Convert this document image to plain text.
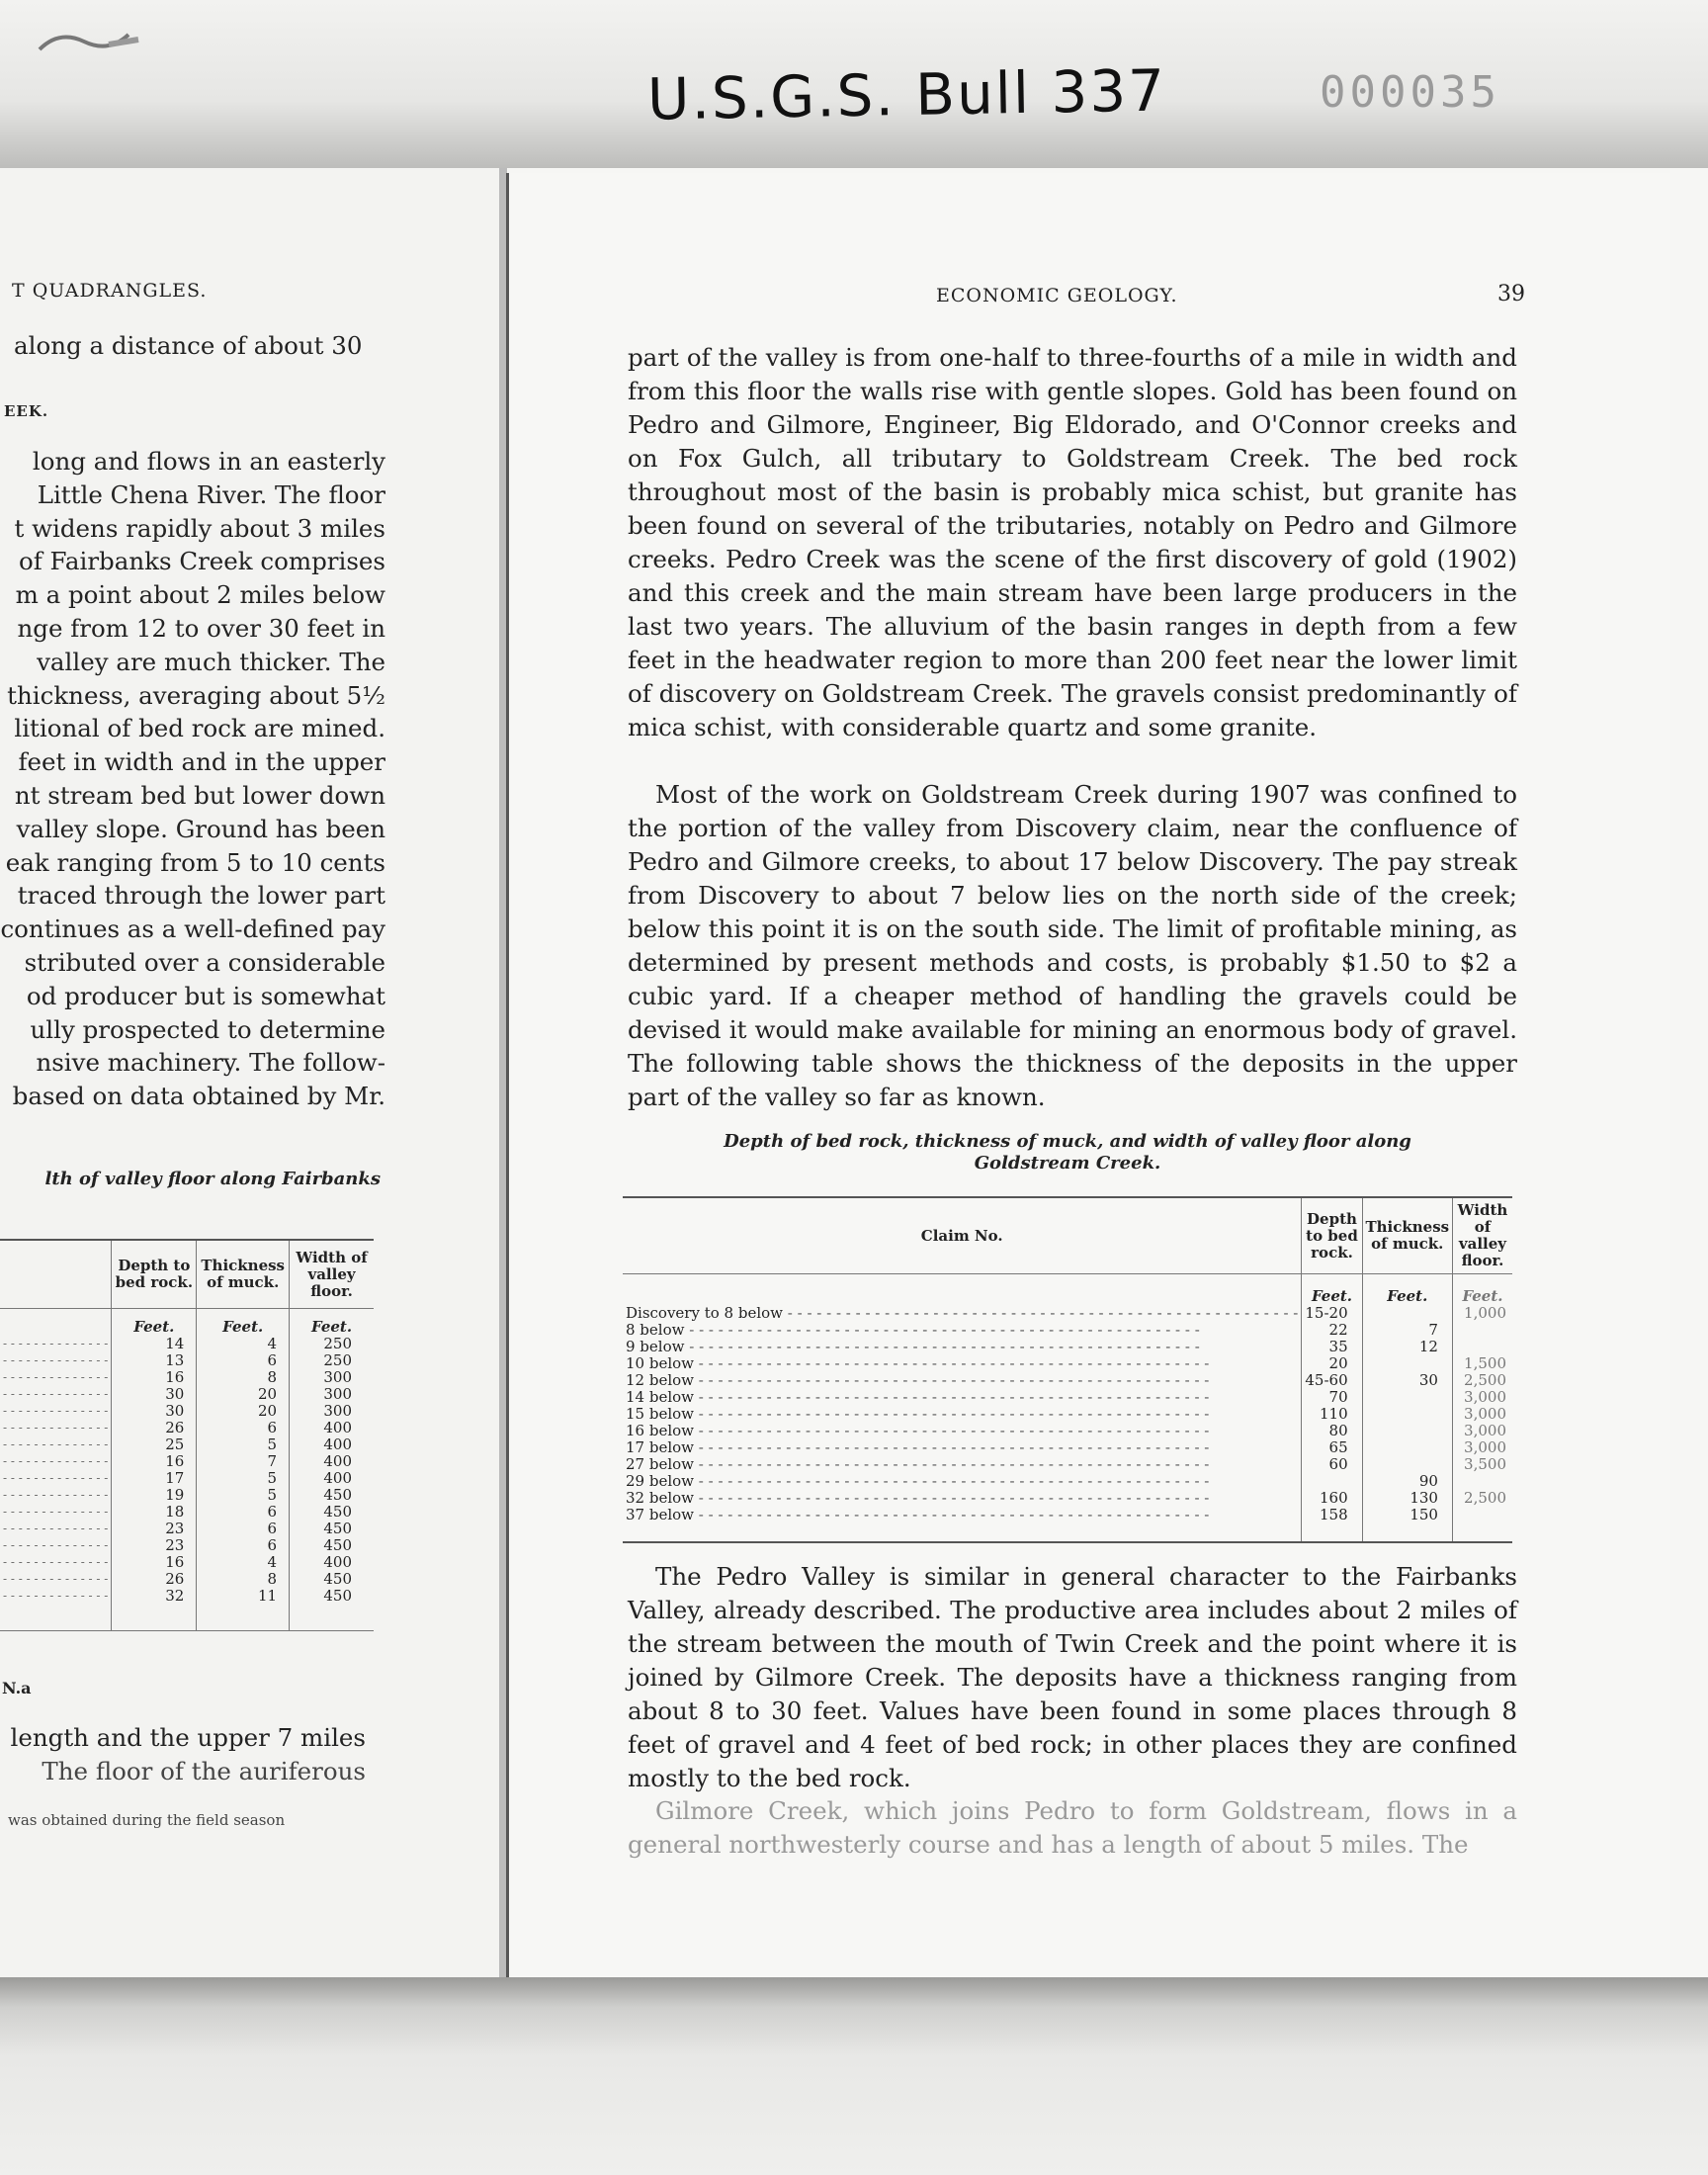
U.S.G.S. Bull 337	000035
T QUADRANGLES.
along a distance of about 30
EEK.
long and flows in an easterly
Little Chena River. The floor
t widens rapidly about 3 miles
of Fairbanks Creek comprises
m a point about 2 miles below
nge from 12 to over 30 feet in
valley are much thicker. The
thickness, averaging about 5½
litional of bed rock are mined.
feet in width and in the upper
nt stream bed but lower down
valley slope. Ground has been
eak ranging from 5 to 10 cents
traced through the lower part
continues as a well-defined pay
stributed over a considerable
od producer but is somewhat
ully prospected to determine
nsive machinery. The follow-
based on data obtained by Mr.
lth of valley floor along Fairbanks
	Depth to bed rock.	Thickness of muck.	Width of valley floor.
	Feet.	Feet.	Feet.
- - - - - - - - - - - - - -	14	4	250
- - - - - - - - - - - - - -	13	6	250
- - - - - - - - - - - - - -	16	8	300
- - - - - - - - - - - - - -	30	20	300
- - - - - - - - - - - - - -	30	20	300
- - - - - - - - - - - - - -	26	6	400
- - - - - - - - - - - - - -	25	5	400
- - - - - - - - - - - - - -	16	7	400
- - - - - - - - - - - - - -	17	5	400
- - - - - - - - - - - - - -	19	5	450
- - - - - - - - - - - - - -	18	6	450
- - - - - - - - - - - - - -	23	6	450
- - - - - - - - - - - - - -	23	6	450
- - - - - - - - - - - - - -	16	4	400
- - - - - - - - - - - - - -	26	8	450
- - - - - - - - - - - - - -	32	11	450

N.a
length and the upper 7 miles
The floor of the auriferous
was obtained during the field season
ECONOMIC GEOLOGY.	39

part of the valley is from one-half to three-fourths of a mile in width and from this floor the walls rise with gentle slopes. Gold has been found on Pedro and Gilmore, Engineer, Big Eldorado, and O'Connor creeks and on Fox Gulch, all tributary to Goldstream Creek. The bed rock throughout most of the basin is probably mica schist, but granite has been found on several of the tributaries, notably on Pedro and Gilmore creeks. Pedro Creek was the scene of the first discovery of gold (1902) and this creek and the main stream have been large producers in the last two years. The alluvium of the basin ranges in depth from a few feet in the headwater region to more than 200 feet near the lower limit of discovery on Goldstream Creek. The gravels consist predominantly of mica schist, with considerable quartz and some granite.

Most of the work on Goldstream Creek during 1907 was confined to the portion of the valley from Discovery claim, near the confluence of Pedro and Gilmore creeks, to about 17 below Discovery. The pay streak from Discovery to about 7 below lies on the north side of the creek; below this point it is on the south side. The limit of profitable mining, as determined by present methods and costs, is probably $1.50 to $2 a cubic yard. If a cheaper method of handling the gravels could be devised it would make available for mining an enormous body of gravel. The following table shows the thickness of the deposits in the upper part of the valley so far as known.

Depth of bed rock, thickness of muck, and width of valley floor along Goldstream Creek.
Claim No.	Depth to bed rock.	Thickness of muck.	Width of valley floor.
	Feet.	Feet.	Feet.
Discovery to 8 below - - - - - - - - - - - - - - - - - - - - - - - - - - - - - - - - - - - - - - - - - - - - - - - - - - - - -	15-20		1,000
8 below - - - - - - - - - - - - - - - - - - - - - - - - - - - - - - - - - - - - - - - - - - - - - - - - - - - - -	22	7	
9 below - - - - - - - - - - - - - - - - - - - - - - - - - - - - - - - - - - - - - - - - - - - - - - - - - - - - -	35	12	
10 below - - - - - - - - - - - - - - - - - - - - - - - - - - - - - - - - - - - - - - - - - - - - - - - - - - - - -	20		1,500
12 below - - - - - - - - - - - - - - - - - - - - - - - - - - - - - - - - - - - - - - - - - - - - - - - - - - - - -	45-60	30	2,500
14 below - - - - - - - - - - - - - - - - - - - - - - - - - - - - - - - - - - - - - - - - - - - - - - - - - - - - -	70		3,000
15 below - - - - - - - - - - - - - - - - - - - - - - - - - - - - - - - - - - - - - - - - - - - - - - - - - - - - -	110		3,000
16 below - - - - - - - - - - - - - - - - - - - - - - - - - - - - - - - - - - - - - - - - - - - - - - - - - - - - -	80		3,000
17 below - - - - - - - - - - - - - - - - - - - - - - - - - - - - - - - - - - - - - - - - - - - - - - - - - - - - -	65		3,000
27 below - - - - - - - - - - - - - - - - - - - - - - - - - - - - - - - - - - - - - - - - - - - - - - - - - - - - -	60		3,500
29 below - - - - - - - - - - - - - - - - - - - - - - - - - - - - - - - - - - - - - - - - - - - - - - - - - - - - -		90	
32 below - - - - - - - - - - - - - - - - - - - - - - - - - - - - - - - - - - - - - - - - - - - - - - - - - - - - -	160	130	2,500
37 below - - - - - - - - - - - - - - - - - - - - - - - - - - - - - - - - - - - - - - - - - - - - - - - - - - - - -	158	150	

The Pedro Valley is similar in general character to the Fairbanks Valley, already described. The productive area includes about 2 miles of the stream between the mouth of Twin Creek and the point where it is joined by Gilmore Creek. The deposits have a thickness ranging from about 8 to 30 feet. Values have been found in some places through 8 feet of gravel and 4 feet of bed rock; in other places they are confined mostly to the bed rock.

Gilmore Creek, which joins Pedro to form Goldstream, flows in a general northwesterly course and has a length of about 5 miles. The
